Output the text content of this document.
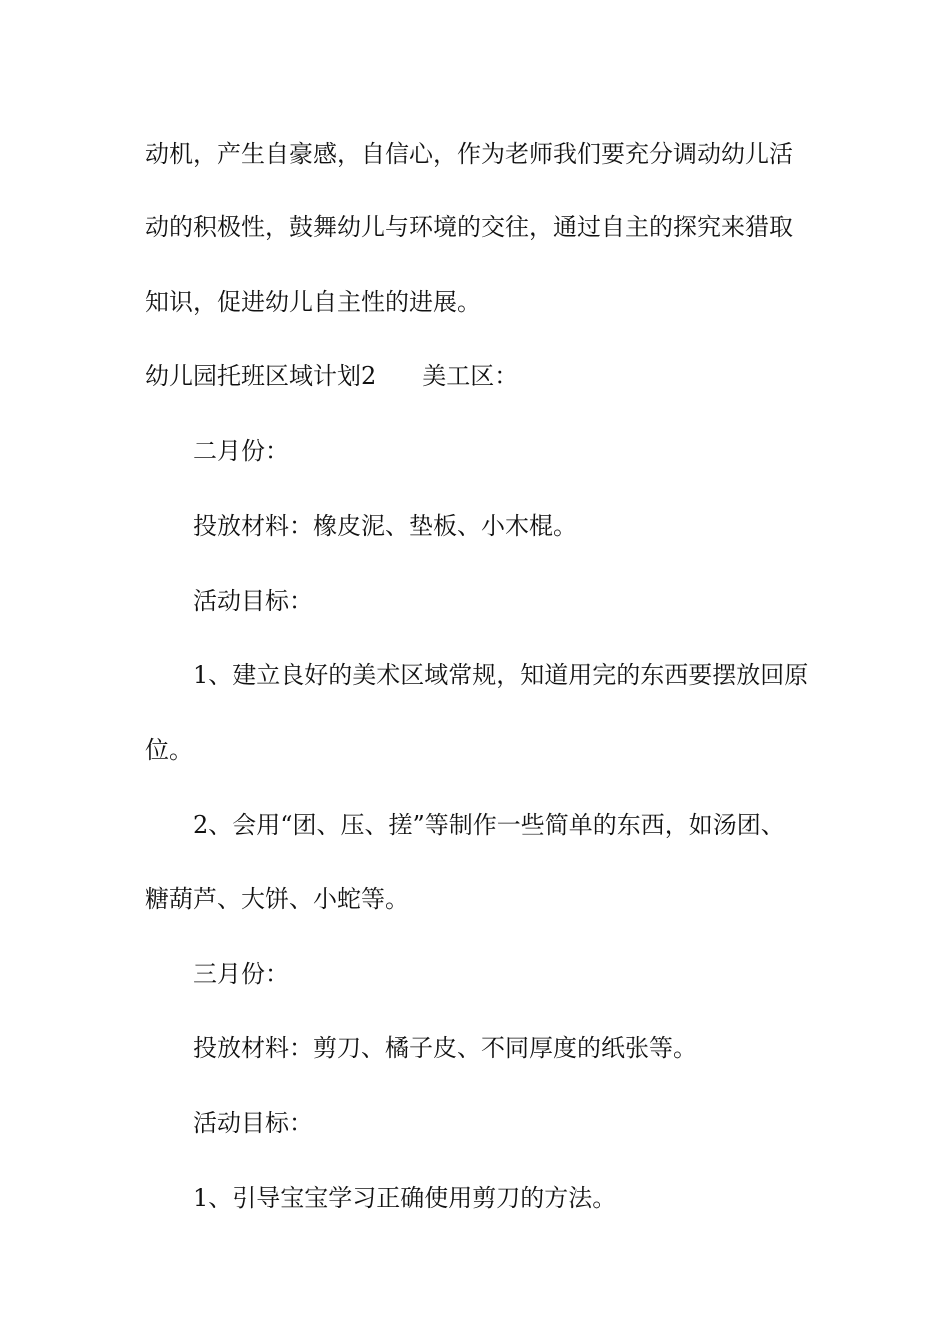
动机，产生自豪感，自信心，作为老师我们要充分调动幼儿活

动的积极性，鼓舞幼儿与环境的交往，通过自主的探究来猎取

知识，促进幼儿自主性的进展。

幼儿园托班区域计划2 美工区：

二月份：

投放材料：橡皮泥、垫板、小木棍。

活动目标：

1、建立良好的美术区域常规，知道用完的东西要摆放回原

位。

2、会用“团、压、搓”等制作一些简单的东西，如汤团、

糖葫芦、大饼、小蛇等。

三月份：

投放材料：剪刀、橘子皮、不同厚度的纸张等。

活动目标：

1、引导宝宝学习正确使用剪刀的方法。
